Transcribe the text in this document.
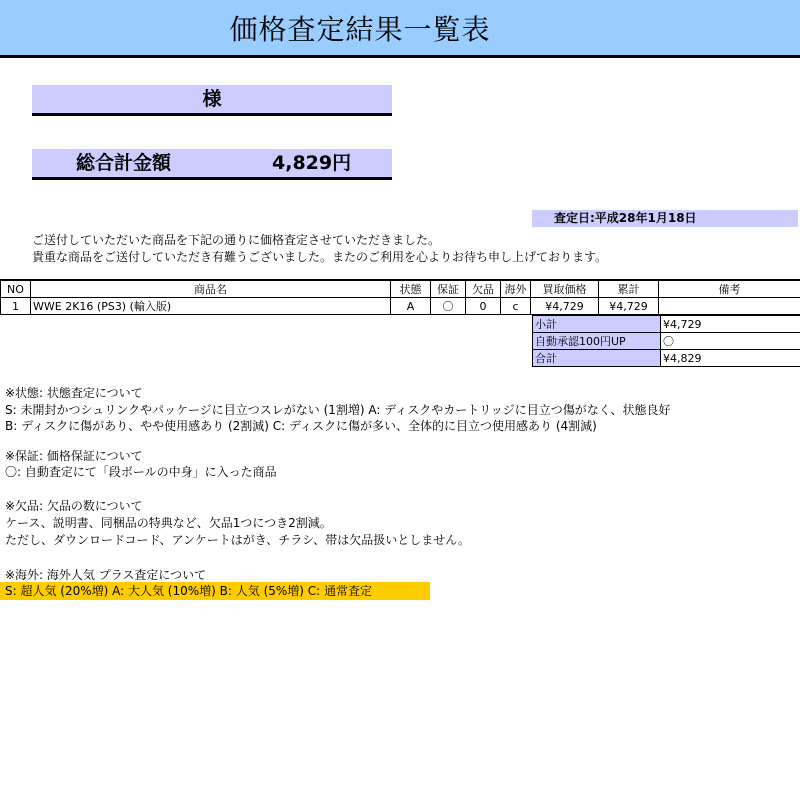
価格査定結果一覧表
様
総合計金額	4,829円
査定日:平成28年1月18日
ご送付していただいた商品を下記の通りに価格査定させていただきました。
貴重な商品をご送付していただき有難うございました。またのご利用を心よりお待ち申し上げております。
NO	商品名	状態	保証	欠品	海外	買取価格	累計	備考
1	WWE 2K16 (PS3) (輸入版)	A	〇	0	c	¥4,729	¥4,729	
小計	¥4,729
自動承認100円UP	〇
合計	¥4,829
※状態: 状態査定について
S: 未開封かつシュリンクやパッケージに目立つスレがない (1割増) A: ディスクやカートリッジに目立つ傷がなく、状態良好
B: ディスクに傷があり、やや使用感あり (2割減) C: ディスクに傷が多い、全体的に目立つ使用感あり (4割減)
※保証: 価格保証について
〇: 自動査定にて「段ボールの中身」に入った商品
※欠品: 欠品の数について
ケース、説明書、同梱品の特典など、欠品1つにつき2割減。
ただし、ダウンロードコード、アンケートはがき、チラシ、帯は欠品扱いとしません。
※海外: 海外人気 プラス査定について
S: 超人気 (20%増) A: 大人気 (10%増) B: 人気 (5%増) C: 通常査定
